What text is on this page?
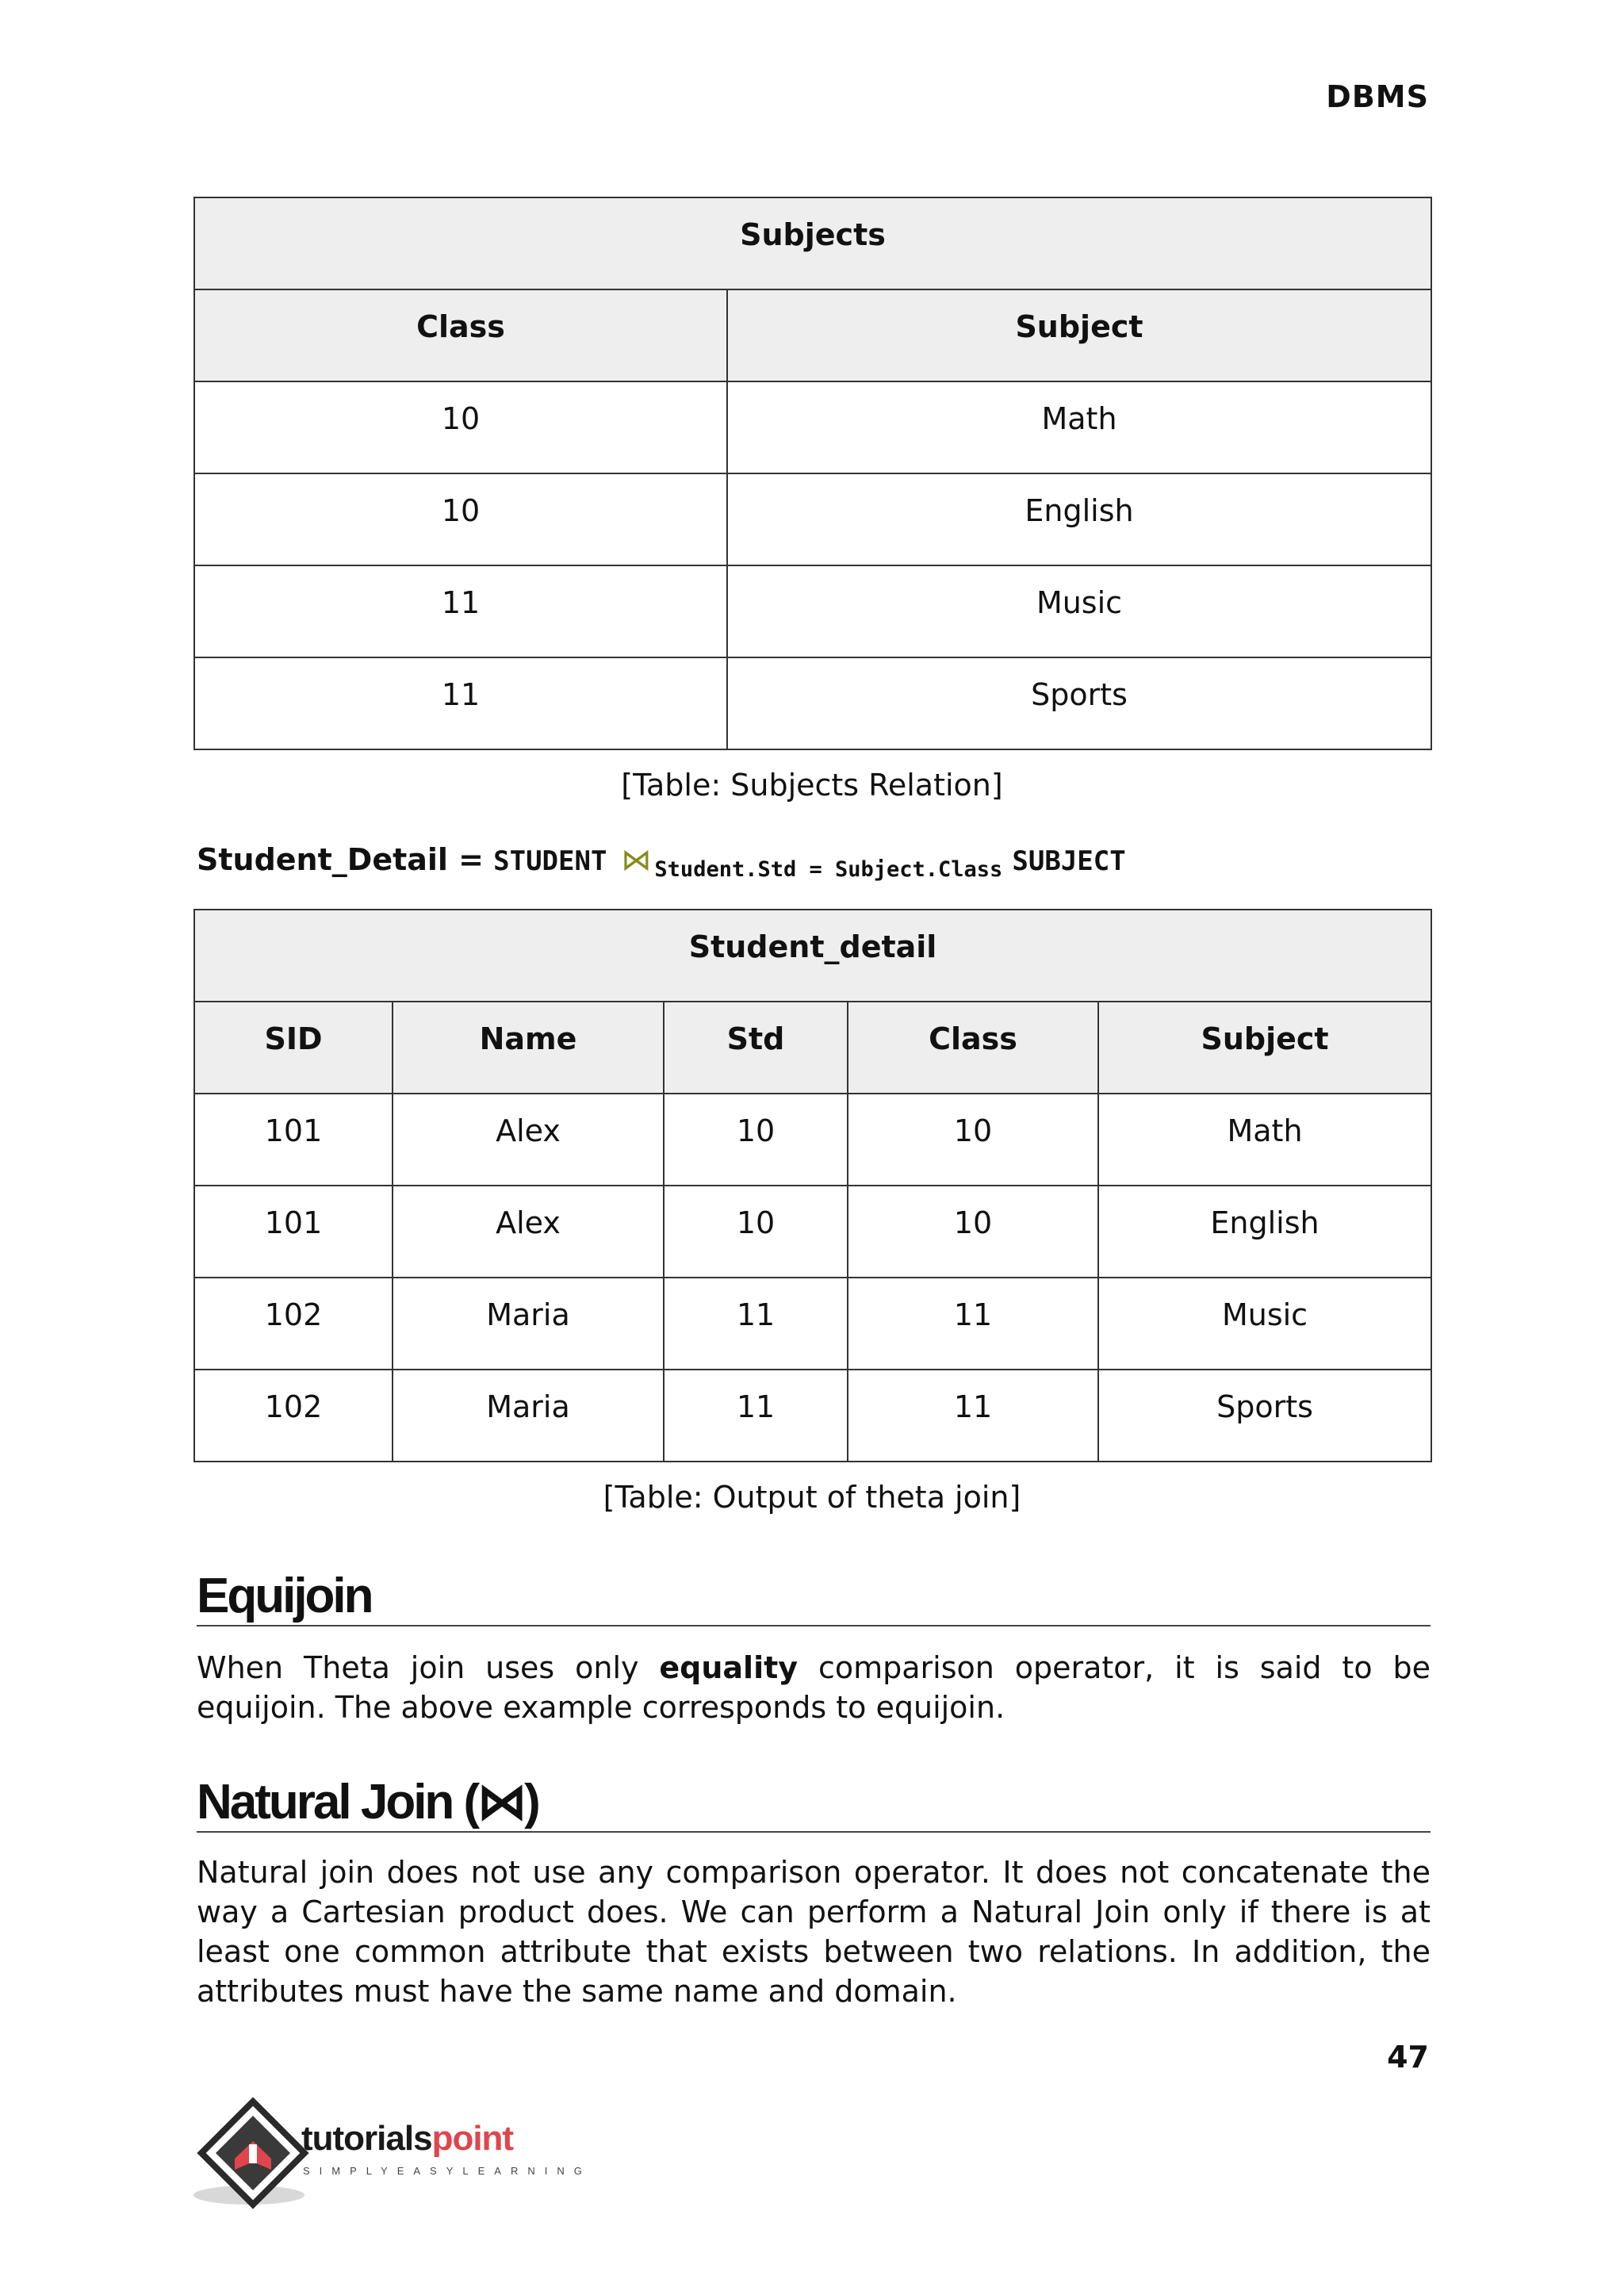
DBMS
Subjects	
Class	Subject
10	Math
10	English
11	Music
11	Sports
[Table: Subjects Relation]
Student_Detail = STUDENT ⋈ $_{Student.Std = Subject.Class}$ SUBJECT
Student_detail				
SID	Name	Std	Class	Subject
101	Alex	10	10	Math
101	Alex	10	10	English
102	Maria	11	11	Music
102	Maria	11	11	Sports
[Table: Output of theta join]
Equijoin

When Theta join uses only equality comparison operator, it is said to be equijoin. The above example corresponds to equijoin.

Natural Join (⋈)

Natural join does not use any comparison operator. It does not concatenate the way a Cartesian product does. We can perform a Natural Join only if there is at least one common attribute that exists between two relations. In addition, the attributes must have the same name and domain.

47
tutorialspoint
SIMPLYEASYLEARNING
